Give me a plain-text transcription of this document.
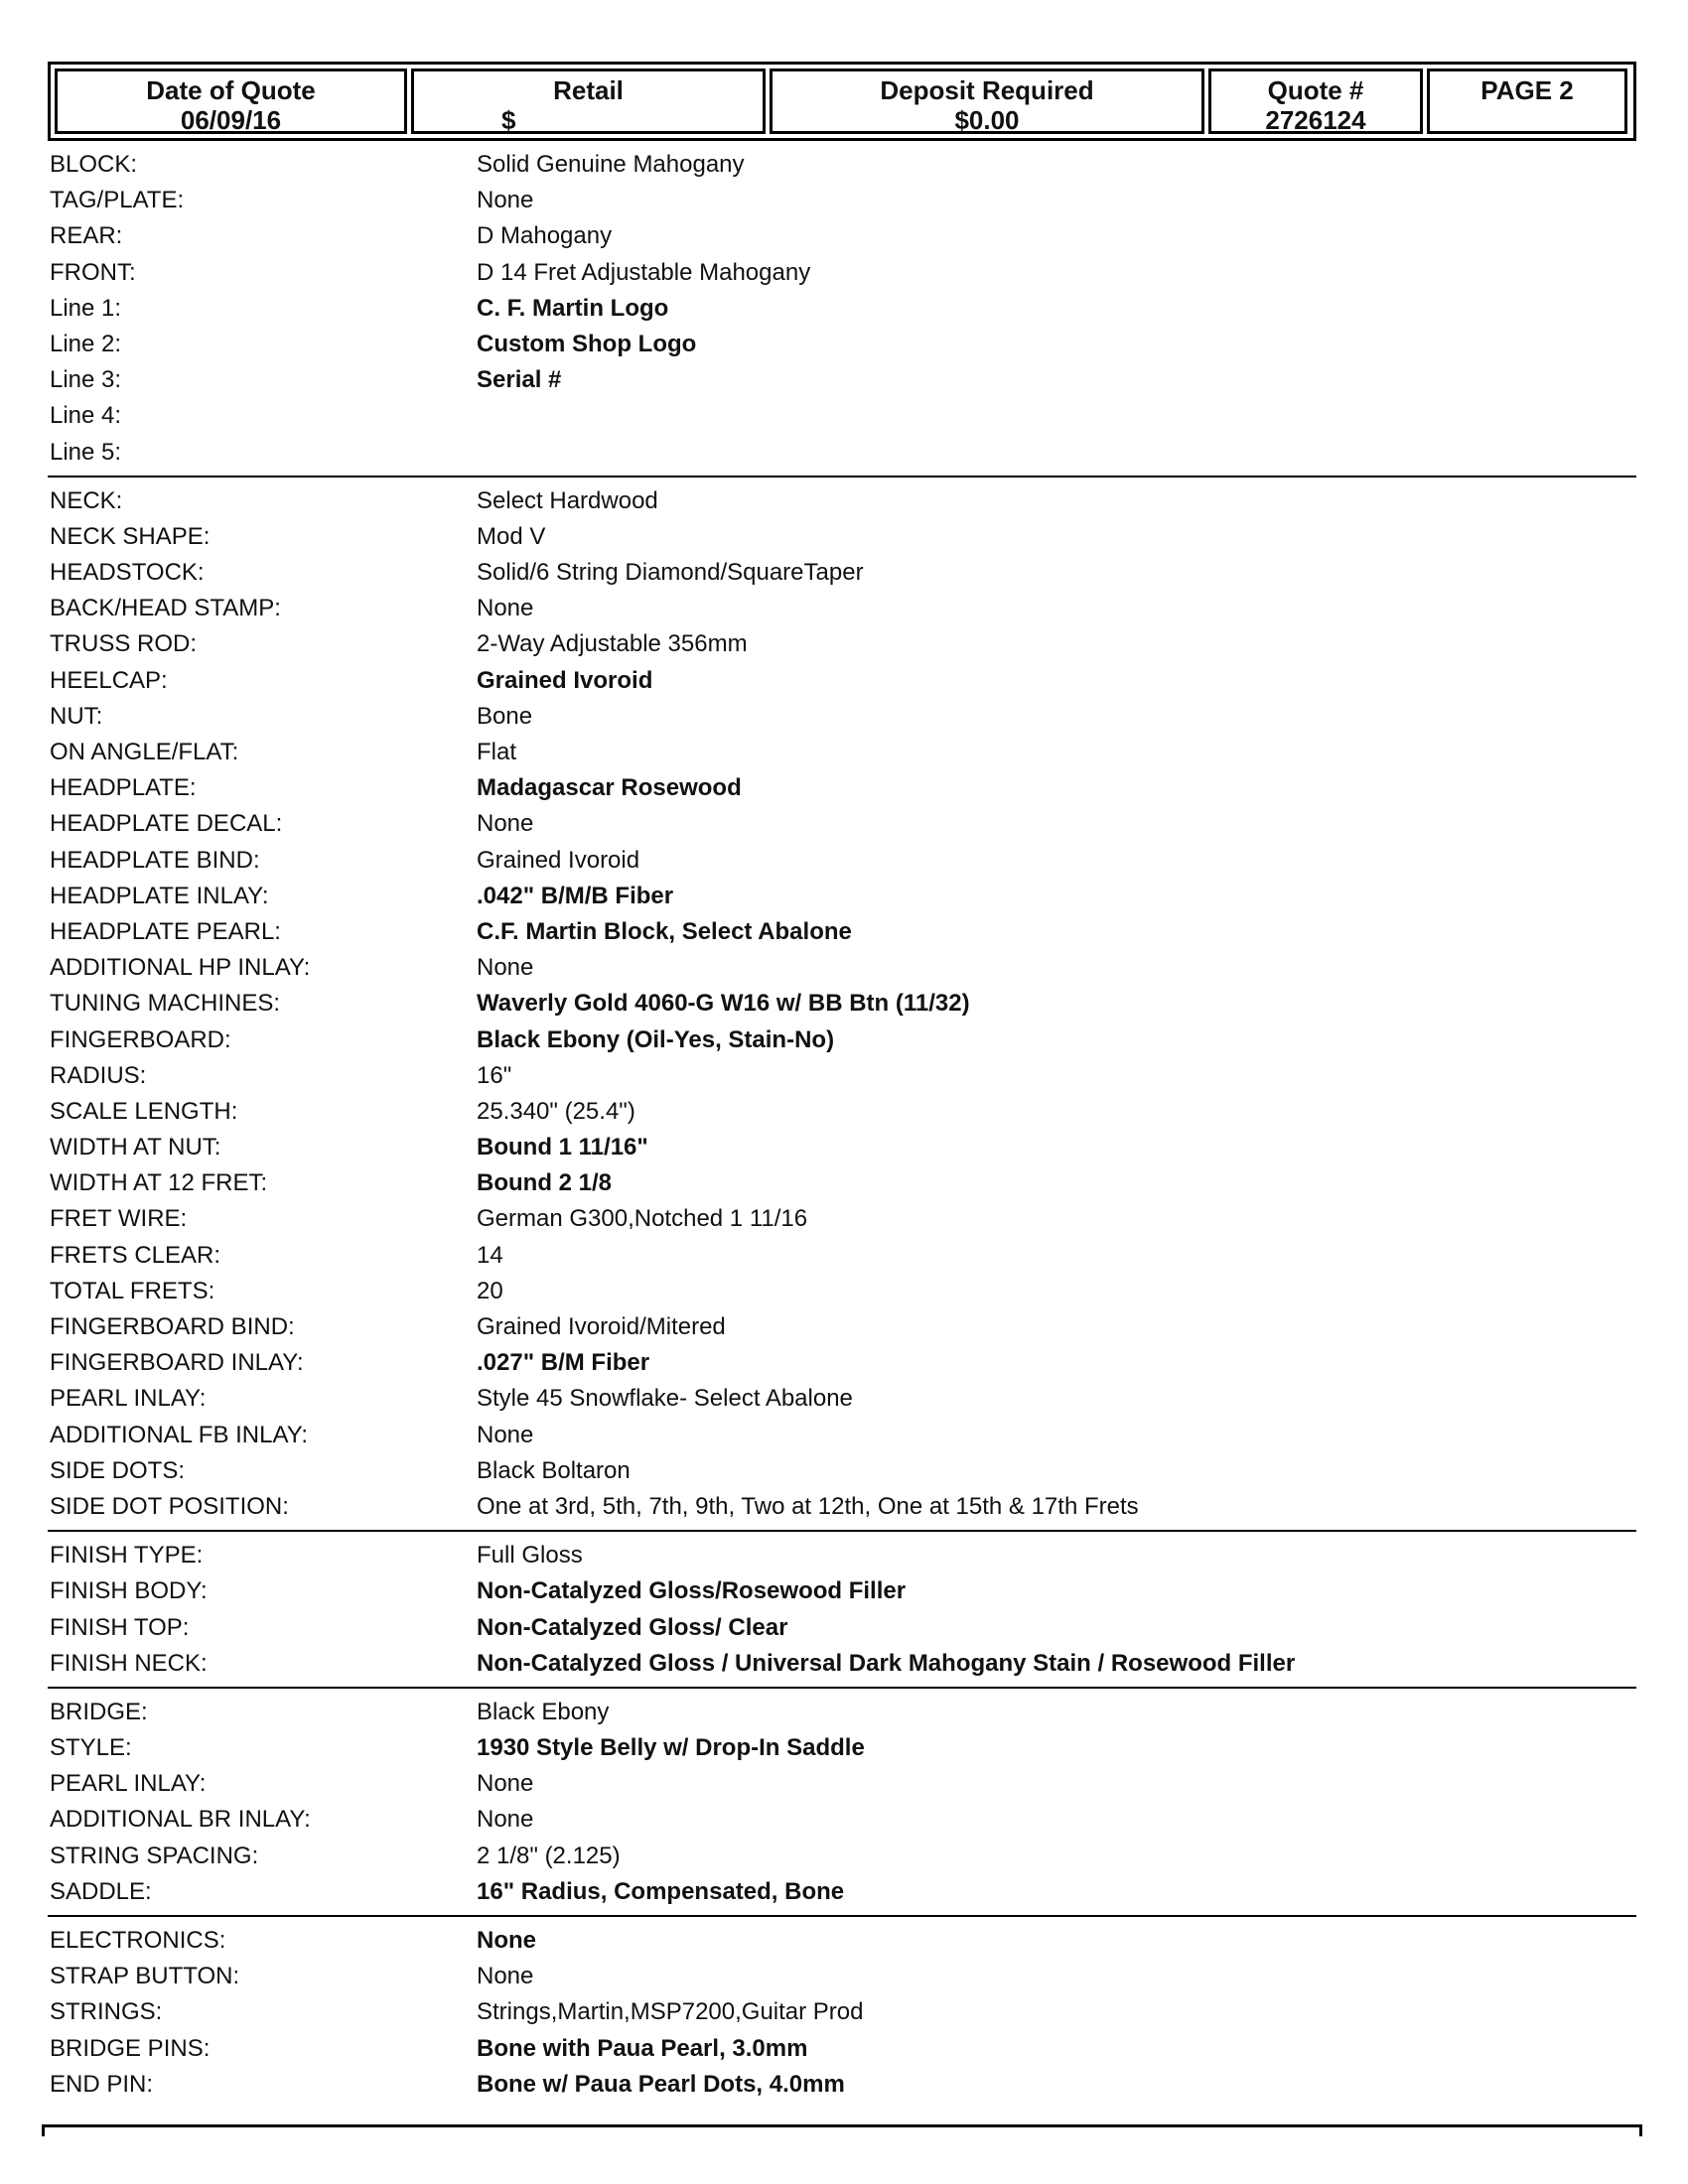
Date of Quote
06/09/16
Retail
$
Deposit Required
$0.00
Quote #
2726124
PAGE 2
BLOCK:	Solid Genuine Mahogany
TAG/PLATE:	None
REAR:	D Mahogany
FRONT:	D 14 Fret Adjustable Mahogany
Line 1:	C. F. Martin Logo
Line 2:	Custom Shop Logo
Line 3:	Serial #
Line 4:
Line 5:
NECK:	Select Hardwood
NECK SHAPE:	Mod V
HEADSTOCK:	Solid/6 String Diamond/SquareTaper
BACK/HEAD STAMP:	None
TRUSS ROD:	2-Way Adjustable 356mm
HEELCAP:	Grained Ivoroid
NUT:	Bone
ON ANGLE/FLAT:	Flat
HEADPLATE:	Madagascar Rosewood
HEADPLATE DECAL:	None
HEADPLATE BIND:	Grained Ivoroid
HEADPLATE INLAY:	.042" B/M/B Fiber
HEADPLATE PEARL:	C.F. Martin Block, Select Abalone
ADDITIONAL HP INLAY:	None
TUNING MACHINES:	Waverly Gold 4060-G W16 w/ BB Btn (11/32)
FINGERBOARD:	Black Ebony (Oil-Yes, Stain-No)
RADIUS:	16"
SCALE LENGTH:	25.340" (25.4")
WIDTH AT NUT:	Bound 1 11/16"
WIDTH AT 12 FRET:	Bound 2 1/8
FRET WIRE:	German G300,Notched 1 11/16
FRETS CLEAR:	14
TOTAL FRETS:	20
FINGERBOARD BIND:	Grained Ivoroid/Mitered
FINGERBOARD INLAY:	.027" B/M Fiber
PEARL INLAY:	Style 45 Snowflake- Select Abalone
ADDITIONAL FB INLAY:	None
SIDE DOTS:	Black Boltaron
SIDE DOT POSITION:	One at 3rd, 5th, 7th, 9th, Two at 12th, One at 15th & 17th Frets
FINISH TYPE:	Full Gloss
FINISH BODY:	Non-Catalyzed Gloss/Rosewood Filler
FINISH TOP:	Non-Catalyzed Gloss/ Clear
FINISH NECK:	Non-Catalyzed Gloss / Universal Dark Mahogany Stain / Rosewood Filler
BRIDGE:	Black Ebony
STYLE:	1930 Style Belly w/ Drop-In Saddle
PEARL INLAY:	None
ADDITIONAL BR INLAY:	None
STRING SPACING:	2 1/8" (2.125)
SADDLE:	16" Radius, Compensated, Bone
ELECTRONICS:	None
STRAP BUTTON:	None
STRINGS:	Strings,Martin,MSP7200,Guitar Prod
BRIDGE PINS:	Bone with Paua Pearl, 3.0mm
END PIN:	Bone w/ Paua Pearl Dots, 4.0mm
